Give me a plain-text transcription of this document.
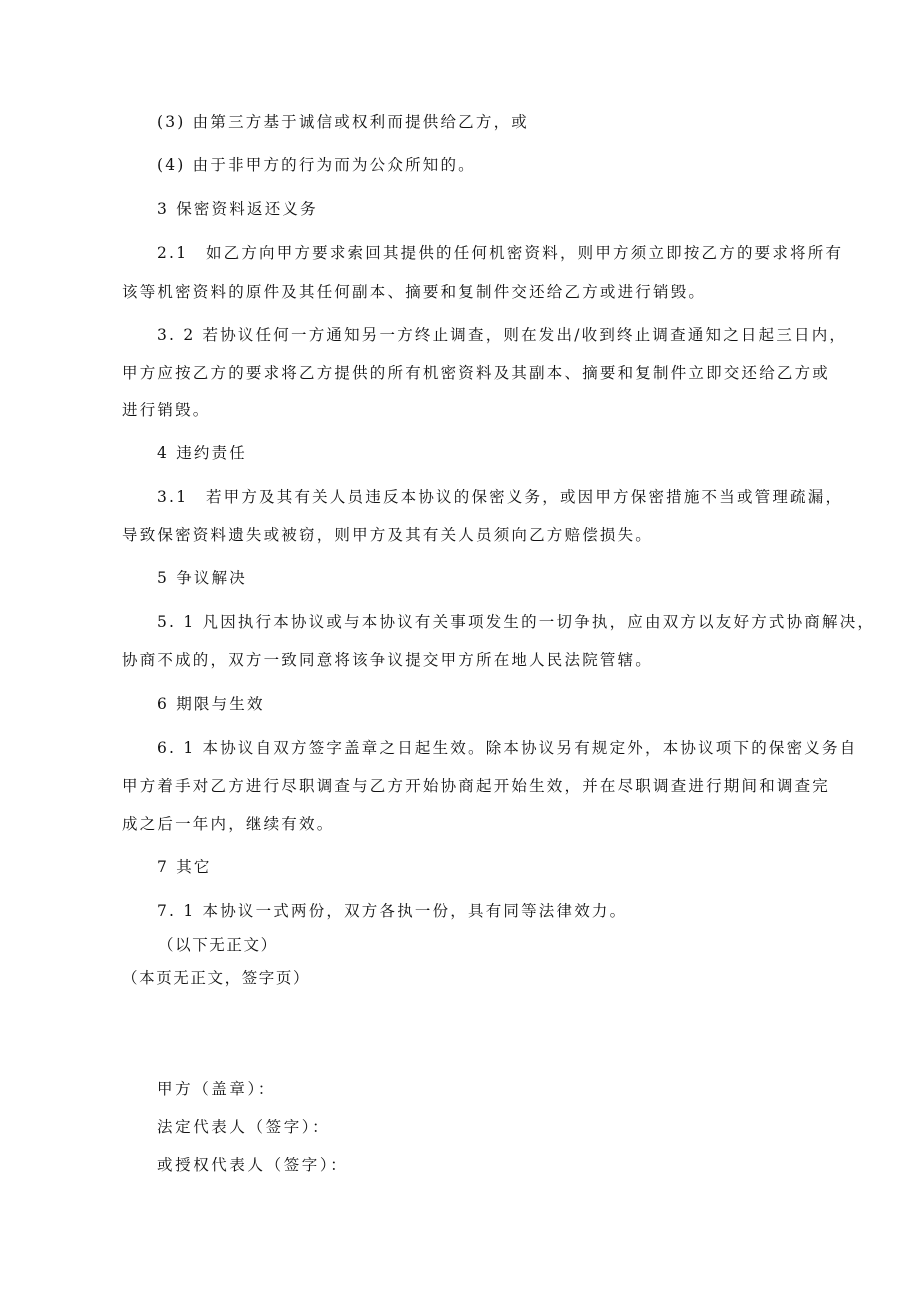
(3) 由第三方基于诚信或权利而提供给乙方，或

(4) 由于非甲方的行为而为公众所知的。

3 保密资料返还义务

2.1　如乙方向甲方要求索回其提供的任何机密资料，则甲方须立即按乙方的要求将所有

该等机密资料的原件及其任何副本、摘要和复制件交还给乙方或进行销毁。

3. 2 若协议任何一方通知另一方终止调查，则在发出/收到终止调查通知之日起三日内，

甲方应按乙方的要求将乙方提供的所有机密资料及其副本、摘要和复制件立即交还给乙方或

进行销毁。

4 违约责任

3.1　若甲方及其有关人员违反本协议的保密义务，或因甲方保密措施不当或管理疏漏，

导致保密资料遗失或被窃，则甲方及其有关人员须向乙方赔偿损失。

5 争议解决

5. 1 凡因执行本协议或与本协议有关事项发生的一切争执，应由双方以友好方式协商解决，

协商不成的，双方一致同意将该争议提交甲方所在地人民法院管辖。

6 期限与生效

6. 1 本协议自双方签字盖章之日起生效。除本协议另有规定外，本协议项下的保密义务自

甲方着手对乙方进行尽职调查与乙方开始协商起开始生效，并在尽职调查进行期间和调查完

成之后一年内，继续有效。

7 其它

7. 1 本协议一式两份，双方各执一份，具有同等法律效力。

（以下无正文）

（本页无正文，签字页）

甲方（盖章）：

法定代表人（签字）：

或授权代表人（签字）：
